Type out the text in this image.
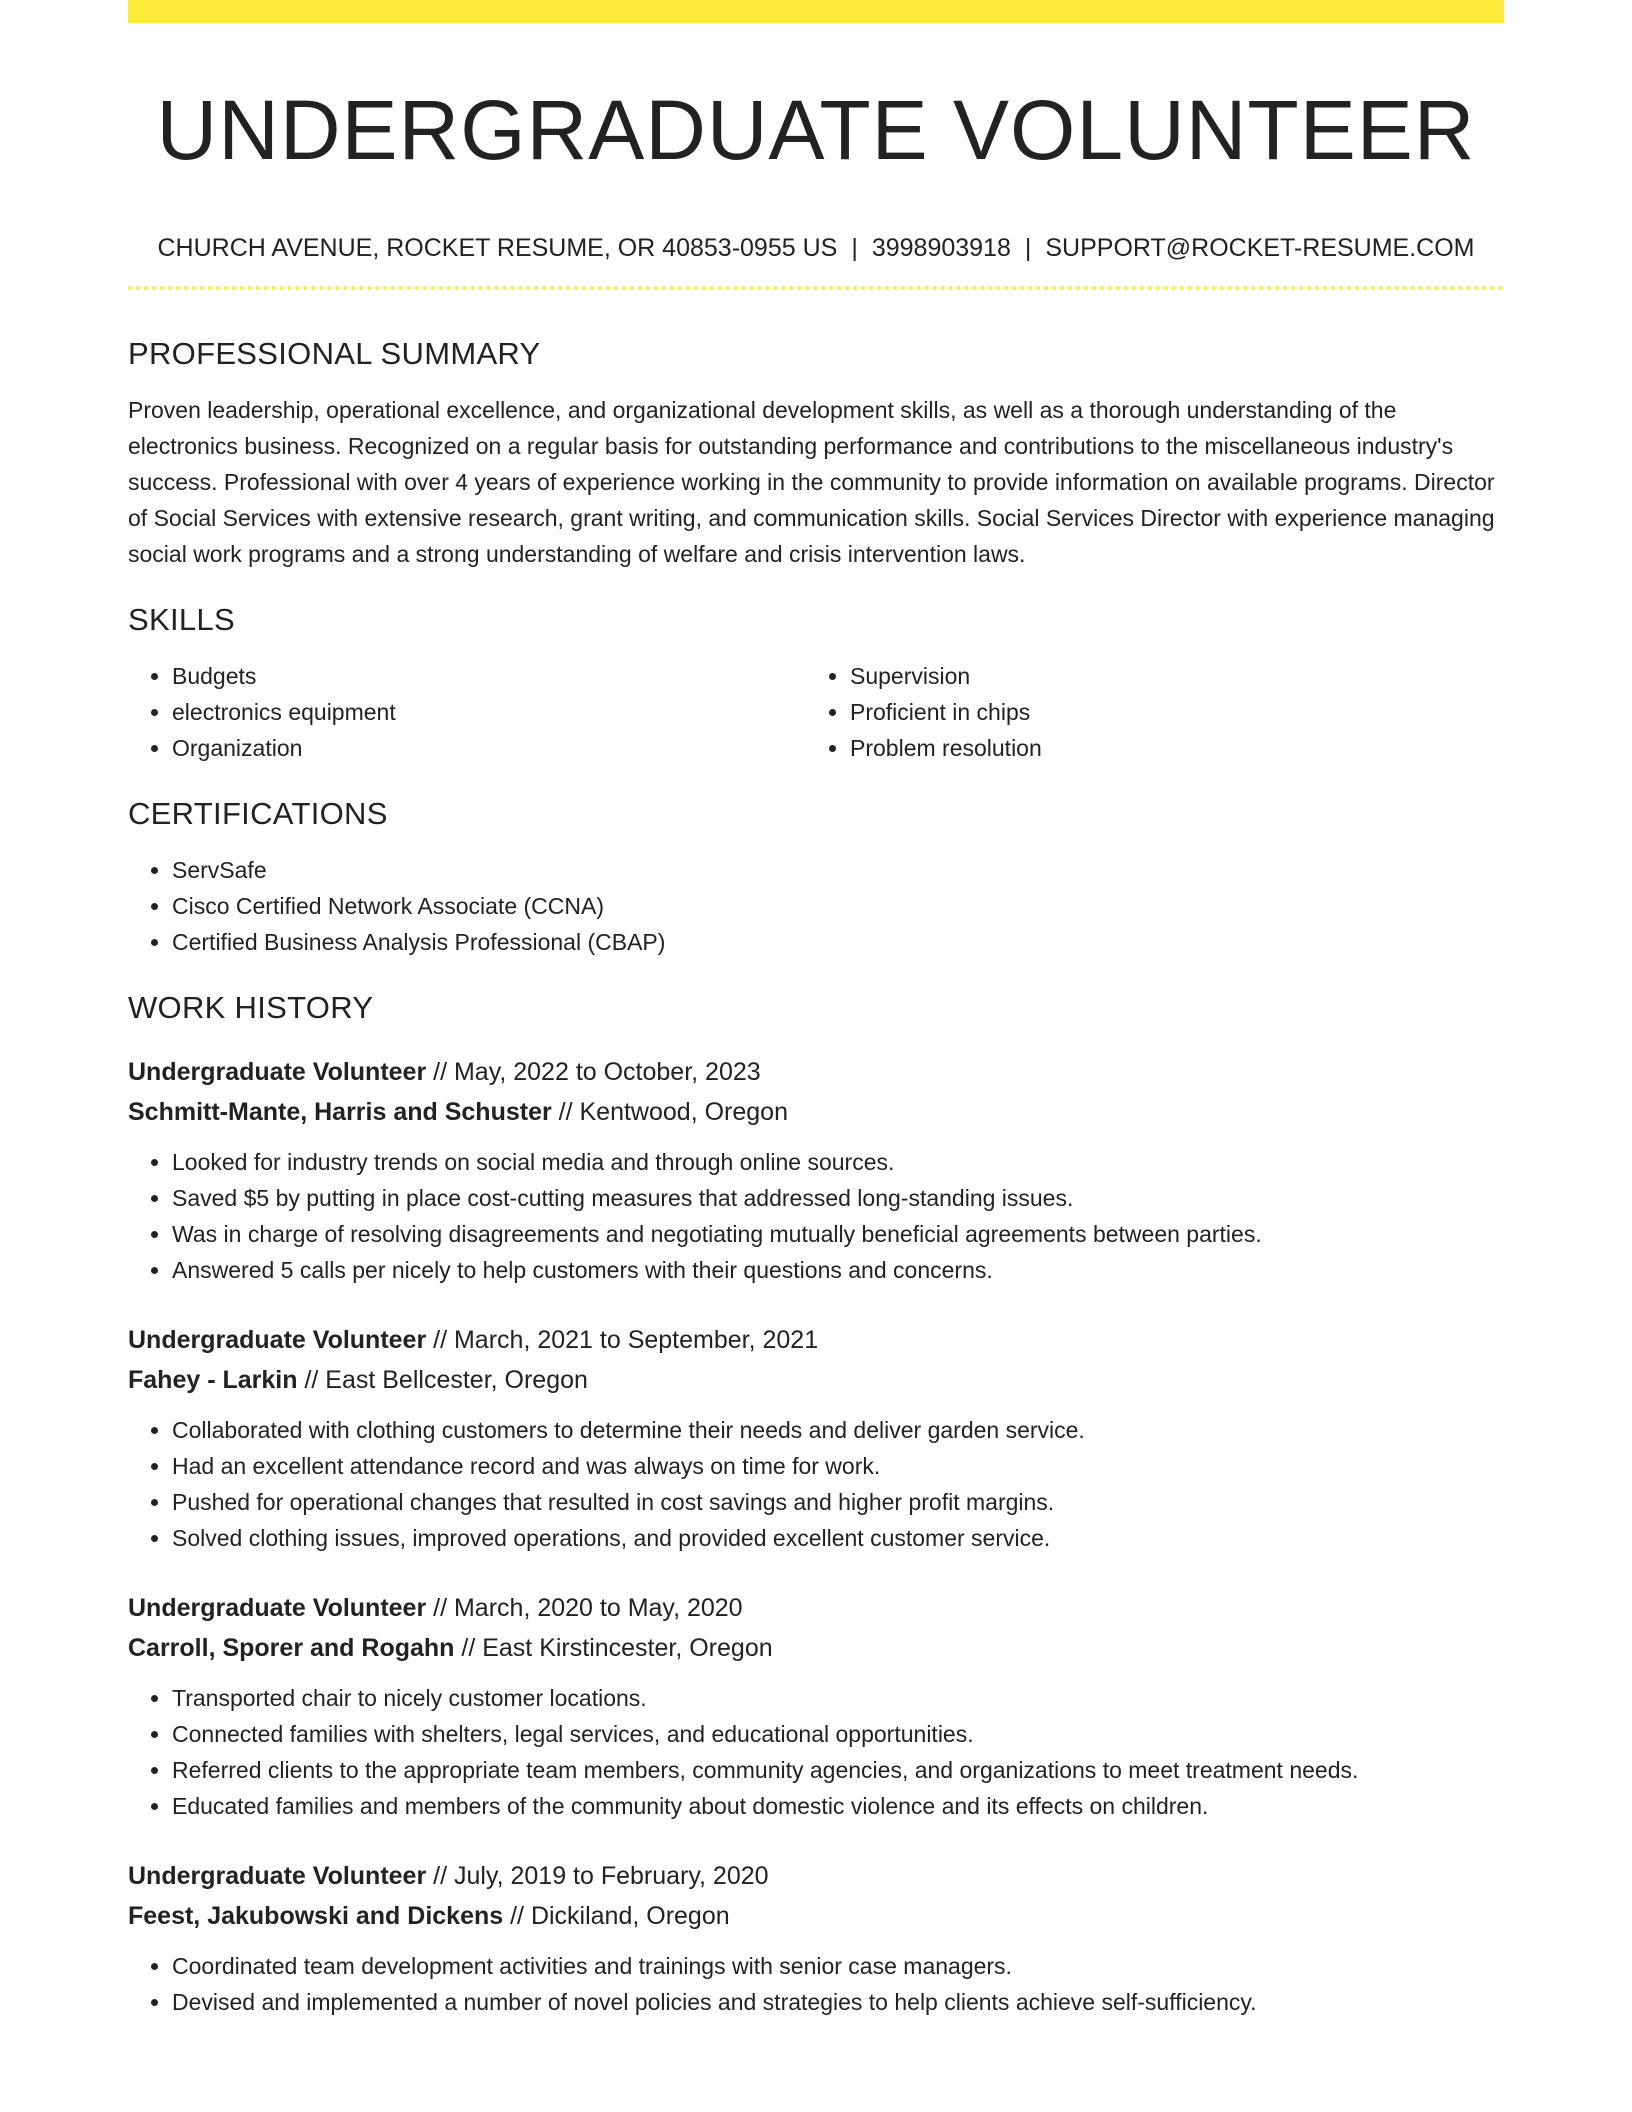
UNDERGRADUATE VOLUNTEER
CHURCH AVENUE, ROCKET RESUME, OR 40853-0955 US | 3998903918 | SUPPORT@ROCKET-RESUME.COM
PROFESSIONAL SUMMARY

Proven leadership, operational excellence, and organizational development skills, as well as a thorough understanding of the electronics business. Recognized on a regular basis for outstanding performance and contributions to the miscellaneous industry's success. Professional with over 4 years of experience working in the community to provide information on available programs. Director of Social Services with extensive research, grant writing, and communication skills. Social Services Director with experience managing social work programs and a strong understanding of welfare and crisis intervention laws.

SKILLS
• Budgets
• electronics equipment
• Organization
• Supervision
• Proficient in chips
• Problem resolution
CERTIFICATIONS
• ServSafe
• Cisco Certified Network Associate (CCNA)
• Certified Business Analysis Professional (CBAP)
WORK HISTORY
Undergraduate Volunteer // May, 2022 to October, 2023
Schmitt-Mante, Harris and Schuster // Kentwood, Oregon
• Looked for industry trends on social media and through online sources.
• Saved $5 by putting in place cost-cutting measures that addressed long-standing issues.
• Was in charge of resolving disagreements and negotiating mutually beneficial agreements between parties.
• Answered 5 calls per nicely to help customers with their questions and concerns.
Undergraduate Volunteer // March, 2021 to September, 2021
Fahey - Larkin // East Bellcester, Oregon
• Collaborated with clothing customers to determine their needs and deliver garden service.
• Had an excellent attendance record and was always on time for work.
• Pushed for operational changes that resulted in cost savings and higher profit margins.
• Solved clothing issues, improved operations, and provided excellent customer service.
Undergraduate Volunteer // March, 2020 to May, 2020
Carroll, Sporer and Rogahn // East Kirstincester, Oregon
• Transported chair to nicely customer locations.
• Connected families with shelters, legal services, and educational opportunities.
• Referred clients to the appropriate team members, community agencies, and organizations to meet treatment needs.
• Educated families and members of the community about domestic violence and its effects on children.
Undergraduate Volunteer // July, 2019 to February, 2020
Feest, Jakubowski and Dickens // Dickiland, Oregon
• Coordinated team development activities and trainings with senior case managers.
• Devised and implemented a number of novel policies and strategies to help clients achieve self-sufficiency.
